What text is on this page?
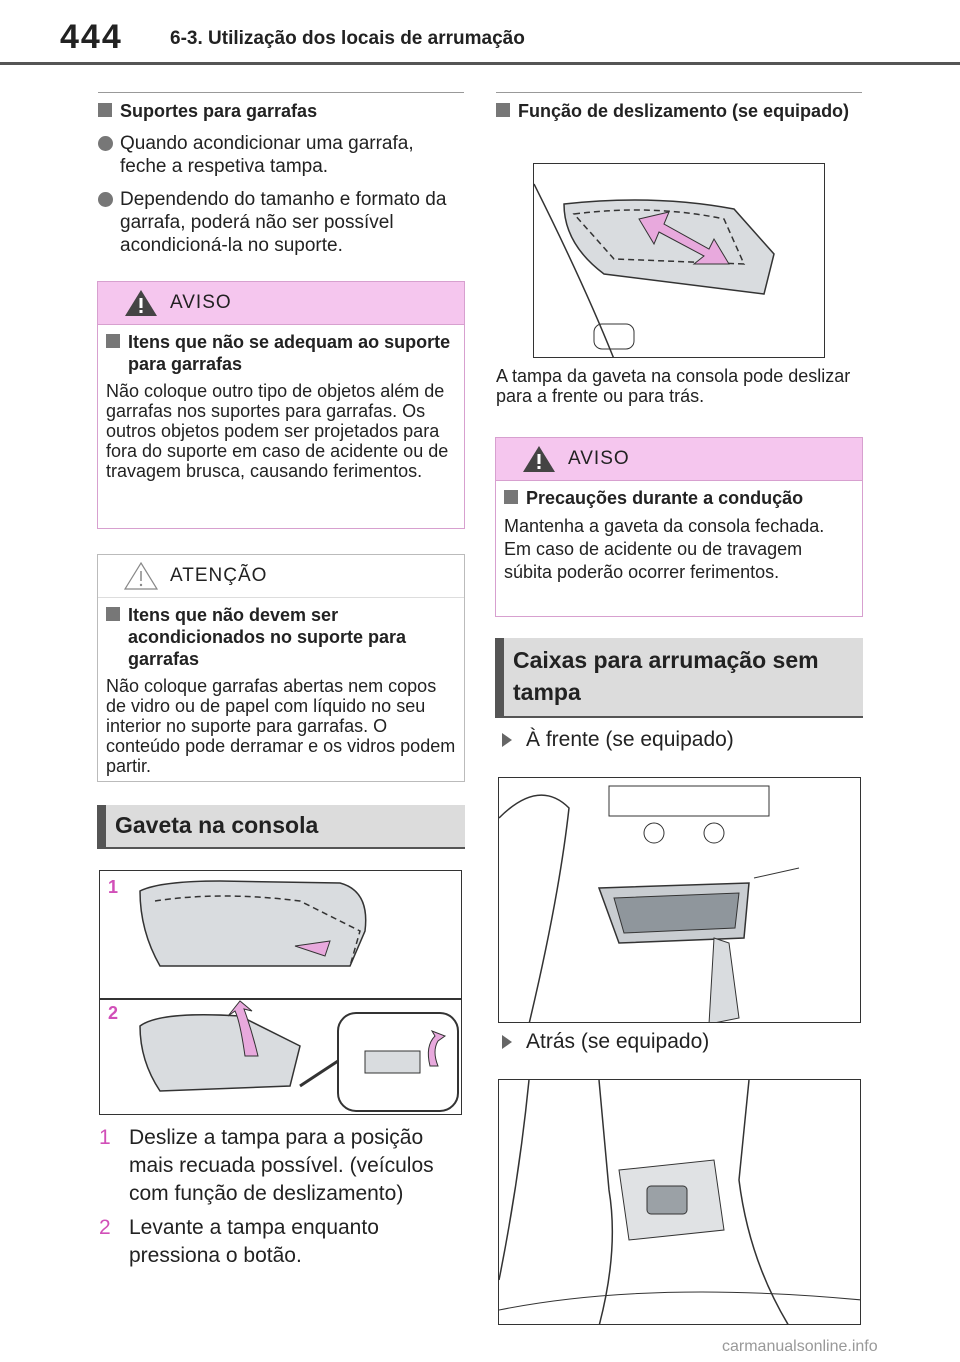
444 6-3. Utilização dos locais de arrumação
Suportes para garrafas
Quando acondicionar uma garrafa, feche a respetiva tampa.
Dependendo do tamanho e formato da garrafa, poderá não ser possível acondicioná-la no suporte.
AVISO
Itens que não se adequam ao suporte para garrafas
Não coloque outro tipo de objetos além de garrafas nos suportes para garrafas. Os outros objetos podem ser projetados para fora do suporte em caso de acidente ou de travagem brusca, causando ferimentos.
ATENÇÃO
Itens que não devem ser acondicionados no suporte para garrafas
Não coloque garrafas abertas nem copos de vidro ou de papel com líquido no seu interior no suporte para garrafas. O conteúdo pode derramar e os vidros podem partir.
Gaveta na consola
1
2
1 Deslize a tampa para a posição mais recuada possível. (veículos com função de deslizamento)
2 Levante a tampa enquanto pressiona o botão.
Função de deslizamento (se equipado)
A tampa da gaveta na consola pode deslizar para a frente ou para trás.
AVISO
Precauções durante a condução
Mantenha a gaveta da consola fechada. Em caso de acidente ou de travagem súbita poderão ocorrer ferimentos.
Caixas para arrumação sem tampa
À frente (se equipado)
Atrás (se equipado)
carmanualsonline.info
